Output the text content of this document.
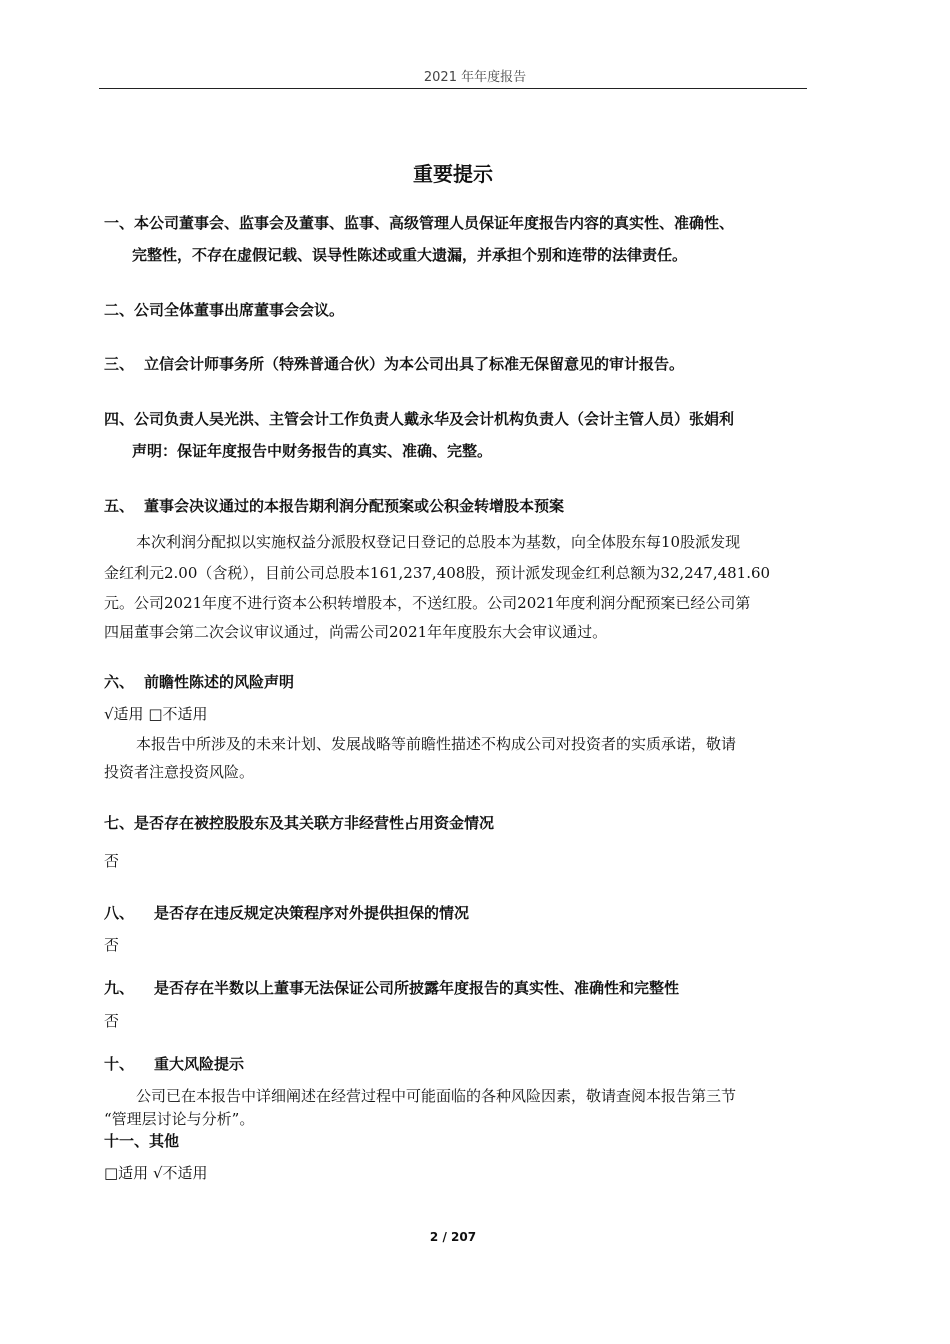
2021 年年度报告
重要提示
一、本公司董事会、监事会及董事、监事、高级管理人员保证年度报告内容的真实性、准确性、
完整性，不存在虚假记载、误导性陈述或重大遗漏，并承担个别和连带的法律责任。
二、公司全体董事出席董事会会议。
三、 立信会计师事务所（特殊普通合伙）为本公司出具了标准无保留意见的审计报告。
四、公司负责人吴光洪、主管会计工作负责人戴永华及会计机构负责人（会计主管人员）张娟利
声明：保证年度报告中财务报告的真实、准确、完整。
五、 董事会决议通过的本报告期利润分配预案或公积金转增股本预案
本次利润分配拟以实施权益分派股权登记日登记的总股本为基数，向全体股东每10股派发现
金红利元2.00（含税），目前公司总股本161,237,408股，预计派发现金红利总额为32,247,481.60
元。公司2021年度不进行资本公积转增股本，不送红股。公司2021年度利润分配预案已经公司第
四届董事会第二次会议审议通过，尚需公司2021年年度股东大会审议通过。
六、 前瞻性陈述的风险声明
√适用 □不适用
本报告中所涉及的未来计划、发展战略等前瞻性描述不构成公司对投资者的实质承诺，敬请
投资者注意投资风险。
七、是否存在被控股股东及其关联方非经营性占用资金情况
否
八、 是否存在违反规定决策程序对外提供担保的情况
否
九、 是否存在半数以上董事无法保证公司所披露年度报告的真实性、准确性和完整性
否
十、 重大风险提示
公司已在本报告中详细阐述在经营过程中可能面临的各种风险因素，敬请查阅本报告第三节
“管理层讨论与分析”。
十一、其他
□适用 √不适用
2 / 207
